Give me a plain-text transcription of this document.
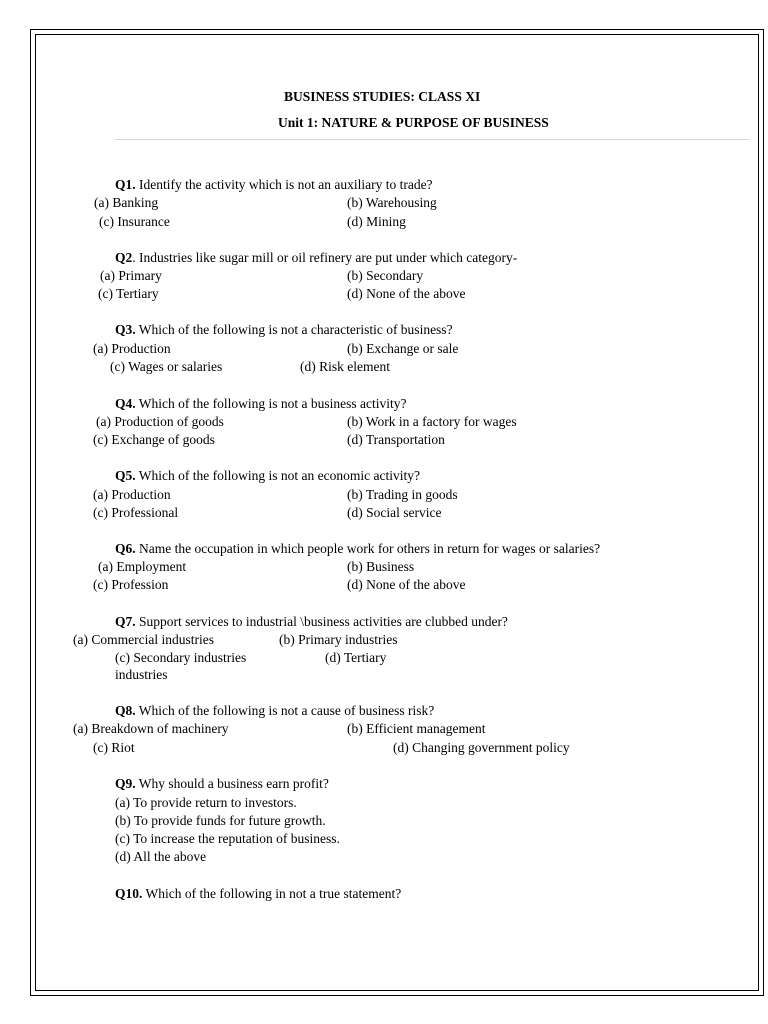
BUSINESS STUDIES: CLASS XI
Unit 1: NATURE & PURPOSE OF BUSINESS
Q1. Identify the activity which is not an auxiliary to trade?
(a) Banking	(b) Warehousing
(c) Insurance	(d) Mining
Q2. Industries like sugar mill or oil refinery are put under which category-
(a) Primary	(b) Secondary
(c) Tertiary	(d) None of the above
Q3. Which of the following is not a characteristic of business?
(a) Production	(b) Exchange or sale
(c) Wages or salaries	(d) Risk element
Q4. Which of the following is not a business activity?
(a) Production of goods	(b) Work in a factory for wages
(c) Exchange of goods	(d) Transportation
Q5. Which of the following is not an economic activity?
(a) Production	(b) Trading in goods
(c) Professional	(d) Social service
Q6. Name the occupation in which people work for others in return for wages or salaries?
(a) Employment	(b) Business
(c) Profession	(d) None of the above
Q7. Support services to industrial \business activities are clubbed under?
(a) Commercial industries	(b) Primary industries
(c) Secondary industries	(d) Tertiary
industries
Q8. Which of the following is not a cause of business risk?
(a) Breakdown of machinery	(b) Efficient management
(c) Riot	(d) Changing government policy
Q9. Why should a business earn profit?
(a) To provide return to investors.
(b) To provide funds for future growth.
(c) To increase the reputation of business.
(d) All the above
Q10. Which of the following in not a true statement?
